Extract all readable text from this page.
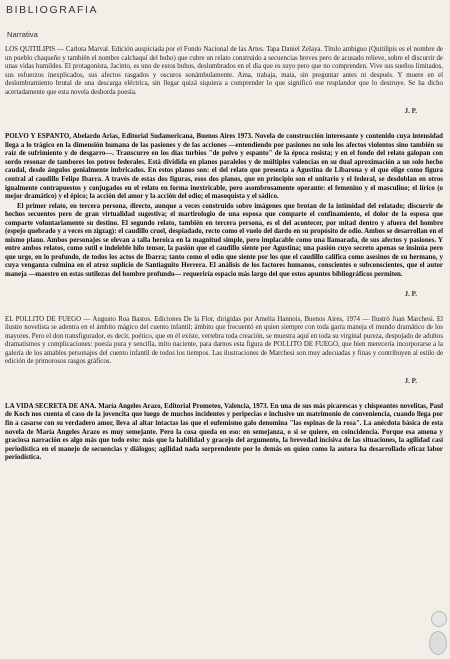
BIBLIOGRAFIA
Narrativa

LOS QUITILIPIS — Carlota Marval. Edición auspiciada por el Fondo Nacional de las Artes. Tapa Daniel Zelaya. Título ambiguo (Quitilipis es el nombre de un pueblo chaqueño y también el nombre calchaquí del buho) que cubre un relato construido a secuencias breves pero de acusado relieve, sobre el discurrir de unas vidas humildes. El protagonista, Jacinto, es uno de estos buhos, deslumbrados en el día que es suyo pero que no comprenden. Vive sus sueños limitados, sus esfuerzos inexplicados, sus afectos rasgados y oscuros sonámbulamente. Ama, trabaja, mata, sin preguntar antes ni después. Y muere en el deslumbramiento brutal de una descarga eléctrica, sin llegar quizá siquiera a comprender lo que significó ese resplandor que lo destruye. Se ha dicho acertadamente que esta novela desborda poesía.

J. P.

POLVO Y ESPANTO, Abelardo Arias, Editorial Sudamericana, Buenos Aires 1973. Novela de construcción interesante y contenido cuya intensidad llega a lo trágico en la dimensión humana de las pasiones y de las acciones —entendiendo por pasiones no solo los afectos violentos sino también su raíz de sufrimiento y de desgarro—. Transcurre en los días turbios "de polvo y espanto" de la época rosista; y en el fondo del relato galopan con sordo resonar de tambores los potros federales. Está dividida en planos paralelos y de múltiples valencias en su dual aproximación a un solo hecho caudal, desde ángulos genialmente imbricados. En estos planos son: el del relato que presenta a Agustina de Libarona y el que elige como figura central al caudillo Felipe Ibarra. A través de estas dos figuras, esos dos planos, que en principio son el unitario y el federal, se desdoblan en otros igualmente contrapuestos y conjugados en el relato en forma inextricable, pero asombrosamente operante: el femenino y el masculino; el lírico (o mejor dramático) y el épico; la acción del amor y la acción del odio; el masoquista y el sádico.

El primer relato, en tercera persona, directo, aunque a veces construido sobre imágenes que brotan de la intimidad del relatado; discurrir de hechos secuentes pero de gran virtualidad sugestiva; el martirologio de una esposa que comparte el confinamiento, el dolor de la esposa que comparte voluntariamente su destino. El segundo relato, también en tercera persona, es el del acontecer, por mitad dentro y afuera del hombre (espejo quebrado y a veces en zigzag): el caudillo cruel, despiadado, recto como el vuelo del dardo en su propósito de odio. Ambos se desarrollan en el mismo plano. Ambos personajes se elevan a talla heroica en la magnitud simple, pero implacable como una llamarada, de sus afectos y pasiones. Y entre ambos relatos, como sutil e indeleble hilo tensor, la pasión que el caudillo siente por Agustina; una pasión cuyo secreto apenas se insinúa pero que urge, en lo profundo, de todos los actos de Ibarra; tanto como el odio que siente por los que el caudillo califica como asesinos de su hermano, y cuya venganza culmina en el atroz suplicio de Santiaguito Herrera. El análisis de los factores humanos, conscientes o subconscientes, que el autor maneja —maestro en estas sutilezas del hombre profundo— requeriría espacio más largo del que estos apuntes bibliográficos permiten.

J. P.

EL POLLITO DE FUEGO — Augusto Roa Bastos. Ediciones De la Flor, dirigidas por Amelia Hannois, Buenos Aires, 1974 — Ilustró Juan Marchesi. El ilustre novelista se adentra en el ámbito mágico del cuento infantil; ámbito que frecuentó en quien siempre con toda garra maneja el mundo dramático de los mayores. Pero el don transfigurador, es decir, poético, que en él existe, vertebra toda creación, se muestra aquí en toda su virginal pureza, despojado de adultos dramatismos y complicaciones: poesía pura y sencilla, mito naciente, para darnos esta figura de POLLITO DE FUEGO, que bien merecería incorporarse a la galería de los amables personajes del cuento infantil de todos los tiempos. Las ilustraciones de Marchesi son muy adecuadas y finas y contribuyen al estilo de edición de primorosos rasgos gráficos.

J. P.

LA VIDA SECRETA DE ANA. María Angeles Arazo, Editorial Prometeo, Valencia, 1973. En una de sus más picarescas y chispeantes novelitas, Paul de Koch nos cuenta el caso de la jovencita que luego de muchos incidentes y peripecias e inclusive un matrimonio de conveniencia, cuando llega por fin a casarse con su verdadero amor, lleva al altar intactas las que el eufemismo galo denomina "las espinas de la rosa". La anécdota básica de esta novela de María Angeles Arazo es muy semejante. Pero la cosa queda en eso: en semejanza, o si se quiere, en coincidencia. Porque esa amena y graciosa narración es algo más que todo esto: más que la habilidad y gracejo del argumento, la brevedad incisiva de las situaciones, la agilidad casi periodística en el manejo de secuencias y diálogos; agilidad nada sorprendente por lo demás en quien como la autora ha desarrollado eficaz labor periodística.
